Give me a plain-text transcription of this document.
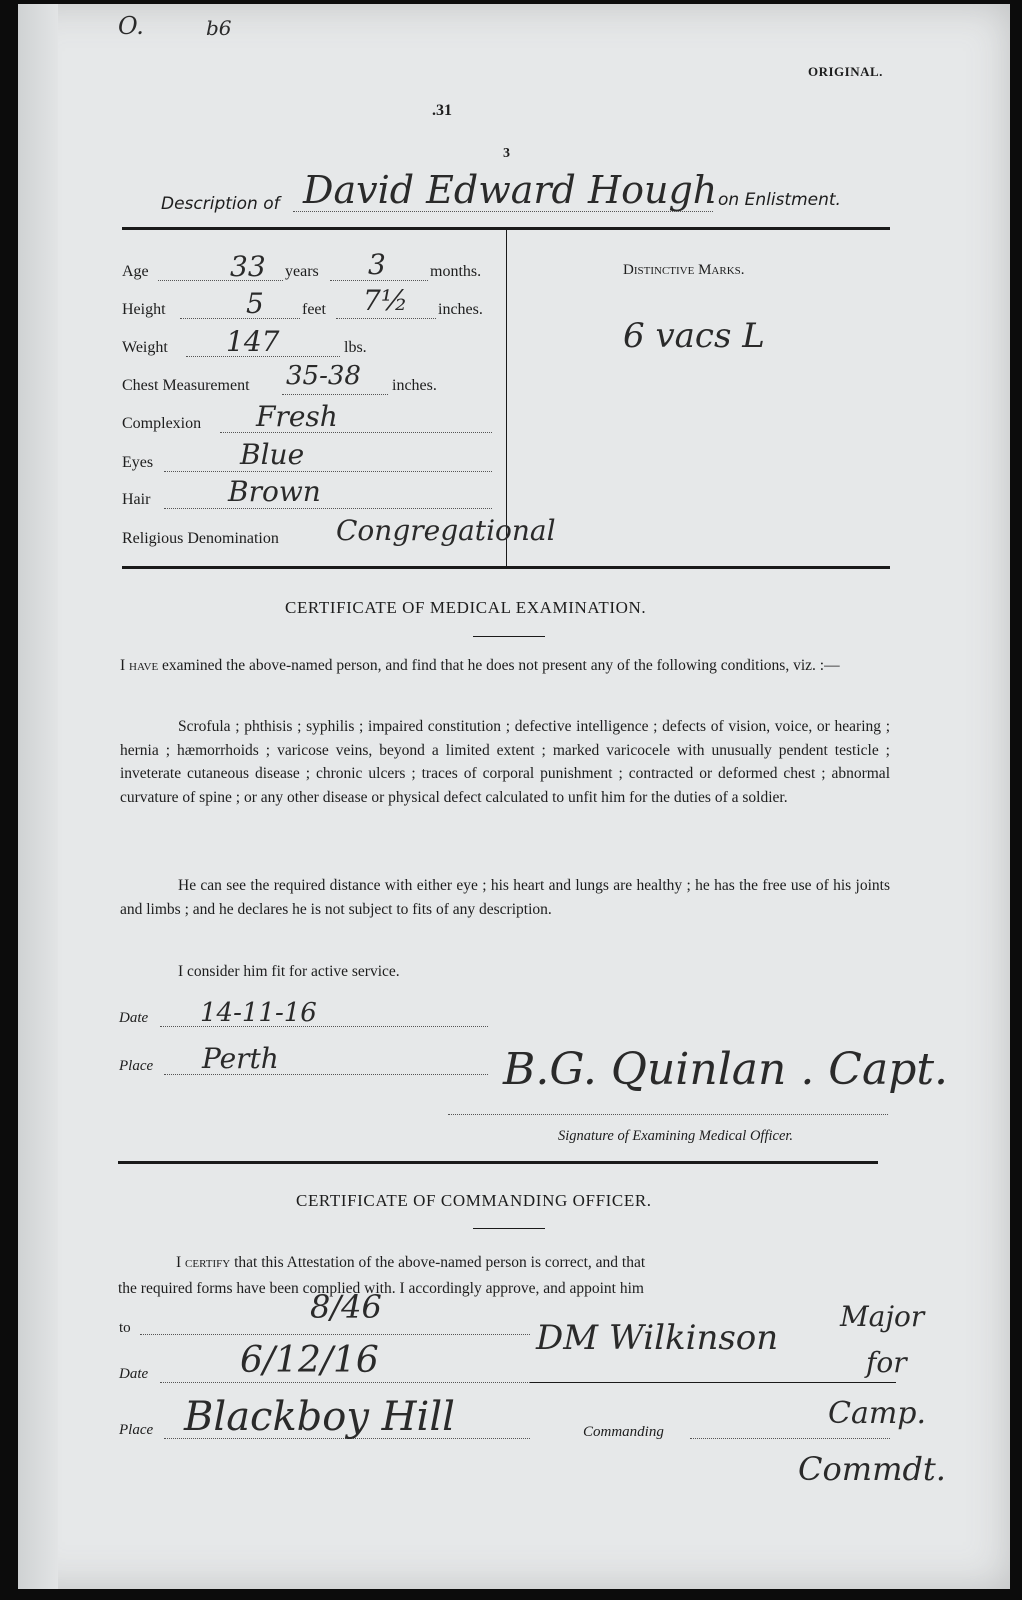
O.	b6
ORIGINAL.
.31
3
Description of David Edward Hough on Enlistment.
Age	33 years 3	months.
Height	5 feet 7½ inches.
Weight 147	lbs.
Chest Measurement 35-38 inches.
Complexion Fresh
Eyes	Blue
Hair	Brown
Religious Denomination Congregational
Distinctive Marks.
6 vacs L
CERTIFICATE OF MEDICAL EXAMINATION.
I have examined the above-named person, and find that he does not present any of the following conditions, viz. :—
Scrofula ; phthisis ; syphilis ; impaired constitution ; defective intelligence ; defects of vision, voice, or hearing ; hernia ; hæmorrhoids ; varicose veins, beyond a limited extent ; marked varicocele with unusually pendent testicle ; inveterate cutaneous disease ; chronic ulcers ; traces of corporal punishment ; contracted or deformed chest ; abnormal curvature of spine ; or any other disease or physical defect calculated to unfit him for the duties of a soldier.
He can see the required distance with either eye ; his heart and lungs are healthy ; he has the free use of his joints and limbs ; and he declares he is not subject to fits of any description.
I consider him fit for active service.
Date 14-11-16
Place Perth	B.G. Quinlan . Capt.
Signature of Examining Medical Officer.
CERTIFICATE OF COMMANDING OFFICER.
I certify that this Attestation of the above-named person is correct, and that
the required forms have been complied with. I accordingly approve, and appoint him
to
8/46
Date	6/12/16
Place Blackboy Hill
DM Wilkinson
Commanding
Major
for
Camp.
Commdt.
